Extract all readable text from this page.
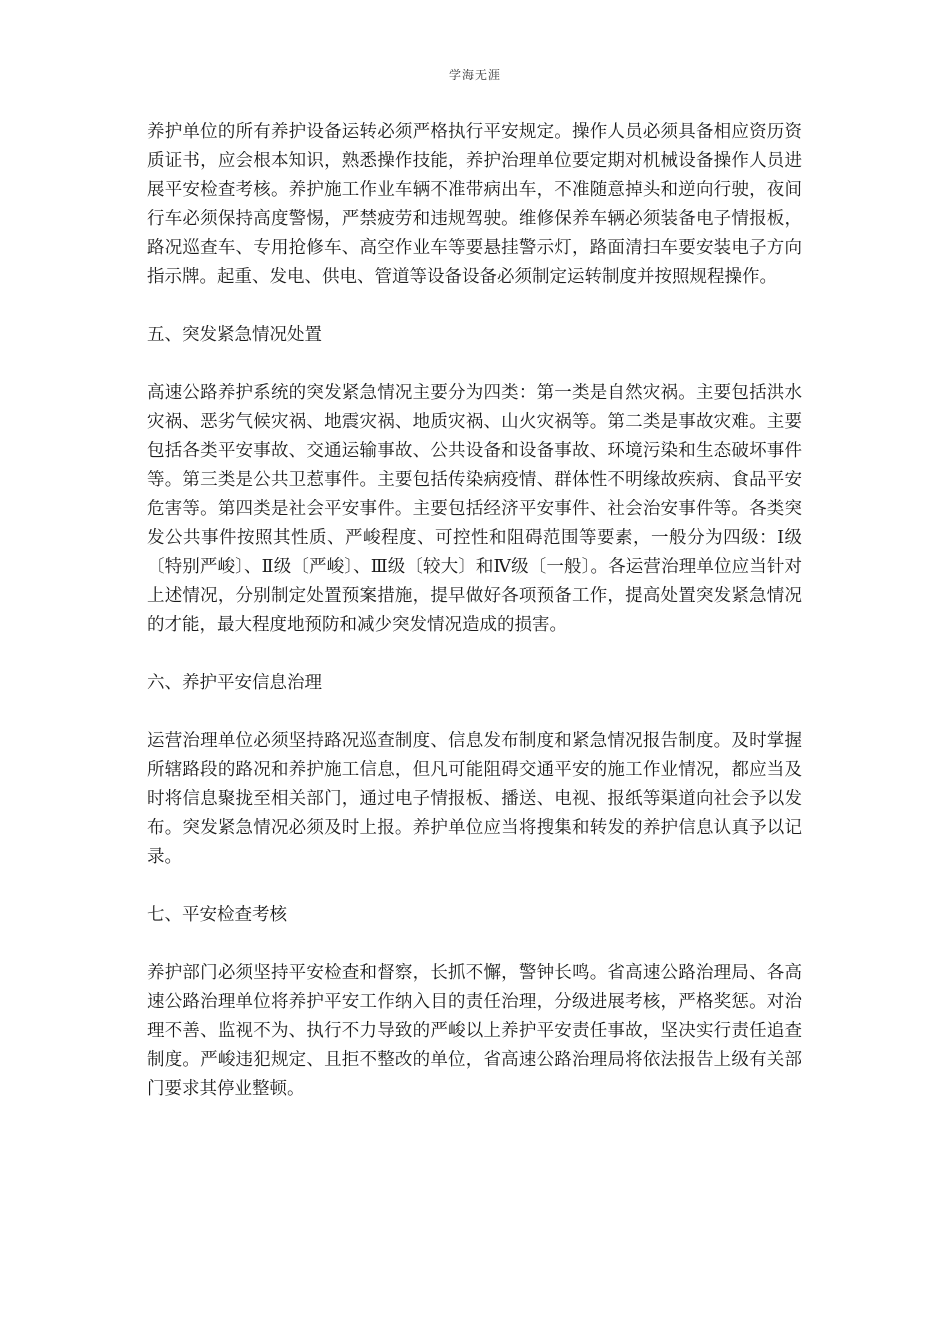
学海无涯

养护单位的所有养护设备运转必须严格执行平安规定。操作人员必须具备相应资历资质证书，应会根本知识，熟悉操作技能，养护治理单位要定期对机械设备操作人员进展平安检查考核。养护施工作业车辆不准带病出车，不准随意掉头和逆向行驶，夜间行车必须保持高度警惕，严禁疲劳和违规驾驶。维修保养车辆必须装备电子情报板，路况巡查车、专用抢修车、高空作业车等要悬挂警示灯，路面清扫车要安装电子方向指示牌。起重、发电、供电、管道等设备设备必须制定运转制度并按照规程操作。

五、突发紧急情况处置

高速公路养护系统的突发紧急情况主要分为四类：第一类是自然灾祸。主要包括洪水灾祸、恶劣气候灾祸、地震灾祸、地质灾祸、山火灾祸等。第二类是事故灾难。主要包括各类平安事故、交通运输事故、公共设备和设备事故、环境污染和生态破坏事件等。第三类是公共卫惹事件。主要包括传染病疫情、群体性不明缘故疾病、食品平安危害等。第四类是社会平安事件。主要包括经济平安事件、社会治安事件等。各类突发公共事件按照其性质、严峻程度、可控性和阻碍范围等要素，一般分为四级：Ⅰ级〔特别严峻〕、Ⅱ级〔严峻〕、Ⅲ级〔较大〕和Ⅳ级〔一般〕。各运营治理单位应当针对上述情况，分别制定处置预案措施，提早做好各项预备工作，提高处置突发紧急情况的才能，最大程度地预防和减少突发情况造成的损害。

六、养护平安信息治理

运营治理单位必须坚持路况巡查制度、信息发布制度和紧急情况报告制度。及时掌握所辖路段的路况和养护施工信息，但凡可能阻碍交通平安的施工作业情况，都应当及时将信息聚拢至相关部门，通过电子情报板、播送、电视、报纸等渠道向社会予以发布。突发紧急情况必须及时上报。养护单位应当将搜集和转发的养护信息认真予以记录。

七、平安检查考核

养护部门必须坚持平安检查和督察，长抓不懈，警钟长鸣。省高速公路治理局、各高速公路治理单位将养护平安工作纳入目的责任治理，分级进展考核，严格奖惩。对治理不善、监视不为、执行不力导致的严峻以上养护平安责任事故，坚决实行责任追查制度。严峻违犯规定、且拒不整改的单位，省高速公路治理局将依法报告上级有关部门要求其停业整顿。
